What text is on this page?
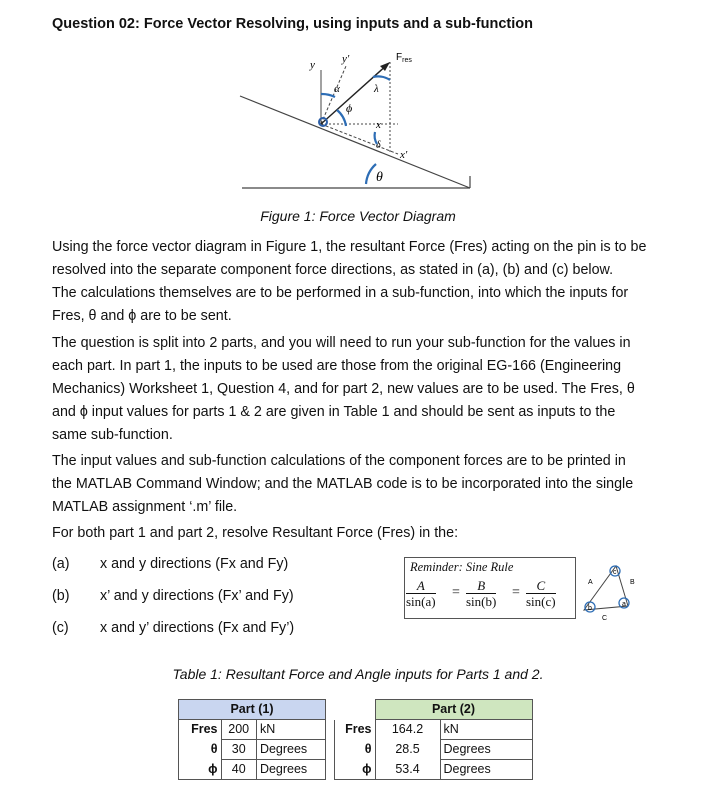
Question 02: Force Vector Resolving, using inputs and a sub-function
y y'	$F_{res}$
α	λ
ϕ
x
δ
x'
θ
Figure 1: Force Vector Diagram
Using the force vector diagram in Figure 1, the resultant Force (Fres) acting on the pin is to be
resolved into the separate component force directions, as stated in (a), (b) and (c) below.
The calculations themselves are to be performed in a sub-function, into which the inputs for
Fres, θ and ϕ are to be sent.
The question is split into 2 parts, and you will need to run your sub-function for the values in
each part. In part 1, the inputs to be used are those from the original EG-166 (Engineering
Mechanics) Worksheet 1, Question 4, and for part 2, new values are to be used. The Fres, θ
and ϕ input values for parts 1 & 2 are given in Table 1 and should be sent as inputs to the
same sub-function.
The input values and sub-function calculations of the component forces are to be printed in
the MATLAB Command Window; and the MATLAB code is to be incorporated into the single
MATLAB assignment ‘.m’ file.
For both part 1 and part 2, resolve Resultant Force (Fres) in the:
(a) x and y directions (Fx and Fy)
(b) x’ and y directions (Fx’ and Fy)
(c) x and y’ directions (Fx and Fy’)
Reminder: Sine Rule
$\frac{A}{\sin(a)} = \frac{B}{\sin(b)} = \frac{C}{\sin(c)}$
c
b
a
A	B
C
Table 1: Resultant Force and Angle inputs for Parts 1 and 2.
Part (1)		
Fres	200	kN
θ	30	Degrees
ϕ	40	Degrees
	Part (2)	
Fres	164.2	kN
θ	28.5	Degrees
ϕ	53.4	Degrees
